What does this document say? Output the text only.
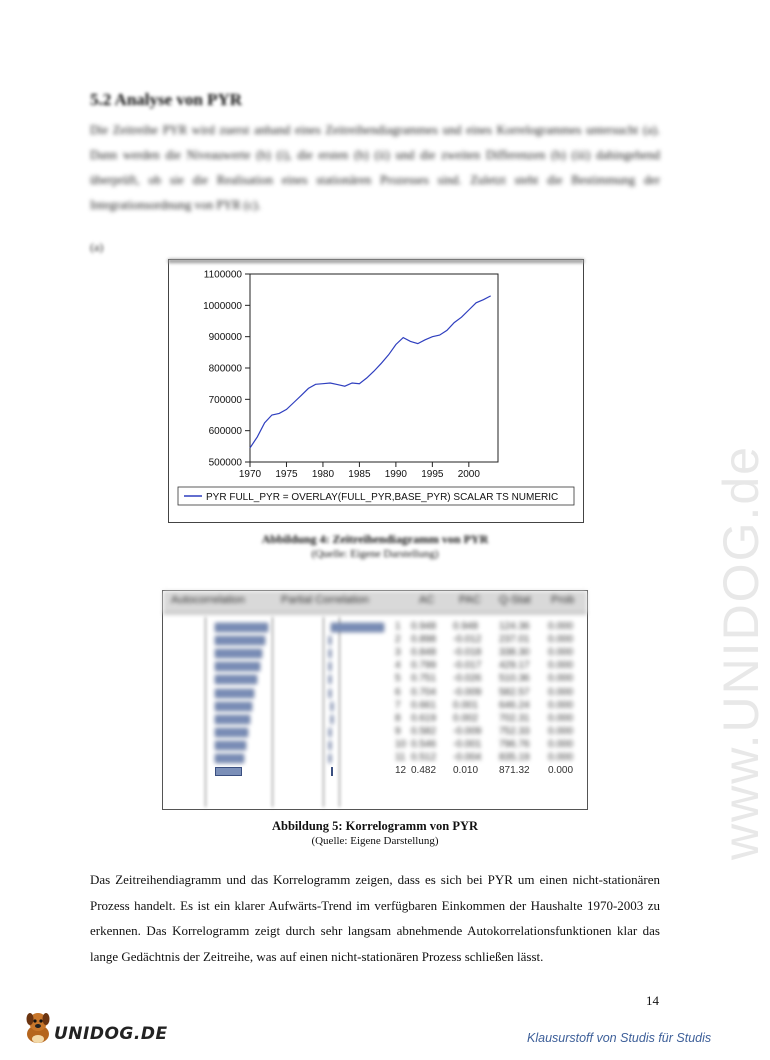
5.2 Analyse von PYR
Die Zeitreihe PYR wird zuerst anhand eines Zeitreihendiagrammes und eines Korrelogrammes untersucht (a). Dann werden die Niveauwerte (b) (i), die ersten (b) (ii) und die zweiten Differenzen (b) (iii) dahingehend überprüft, ob sie die Realisation eines stationären Prozesses sind. Zuletzt steht die Bestimmung der Integrationsordnung von PYR (c).
(a)
500000
600000
700000
800000
900000
1000000
1100000
1970 1975 1980 1985 1990 1995 2000
PYR FULL_PYR = OVERLAY(FULL_PYR,BASE_PYR) SCALAR TS NUMERIC
Abbildung 4: Zeitreihendiagramm von PYR
(Quelle: Eigene Darstellung)
Autocorrelation	Partial Correlation	AC PAC Q-Stat Prob
1 0.948 0.948 124.36 0.000
2 0.898 -0.012 237.01 0.000
3 0.848 -0.018 338.30 0.000
4 0.799 -0.017 429.17 0.000
5 0.751 -0.026 510.36 0.000
6 0.704 -0.009 582.57 0.000
7 0.661 0.001 646.24 0.000
8 0.619 0.002 702.31 0.000
9 0.582 -0.009 752.33 0.000
10 0.546 -0.001 796.76 0.000
11 0.512 -0.004 835.19 0.000
12 0.482 0.010 871.32 0.000
Abbildung 5: Korrelogramm von PYR
(Quelle: Eigene Darstellung)
Das Zeitreihendiagramm und das Korrelogramm zeigen, dass es sich bei PYR um einen nicht-stationären Prozess handelt. Es ist ein klarer Aufwärts-Trend im verfügbaren Einkommen der Haushalte 1970-2003 zu erkennen. Das Korrelogramm zeigt durch sehr langsam abnehmende Autokorrelationsfunktionen klar das lange Gedächtnis der Zeitreihe, was auf einen nicht-stationären Prozess schließen lässt.
14
www.UNIDOG.de
UNIDOG.DE	Klausurstoff von Studis für Studis
